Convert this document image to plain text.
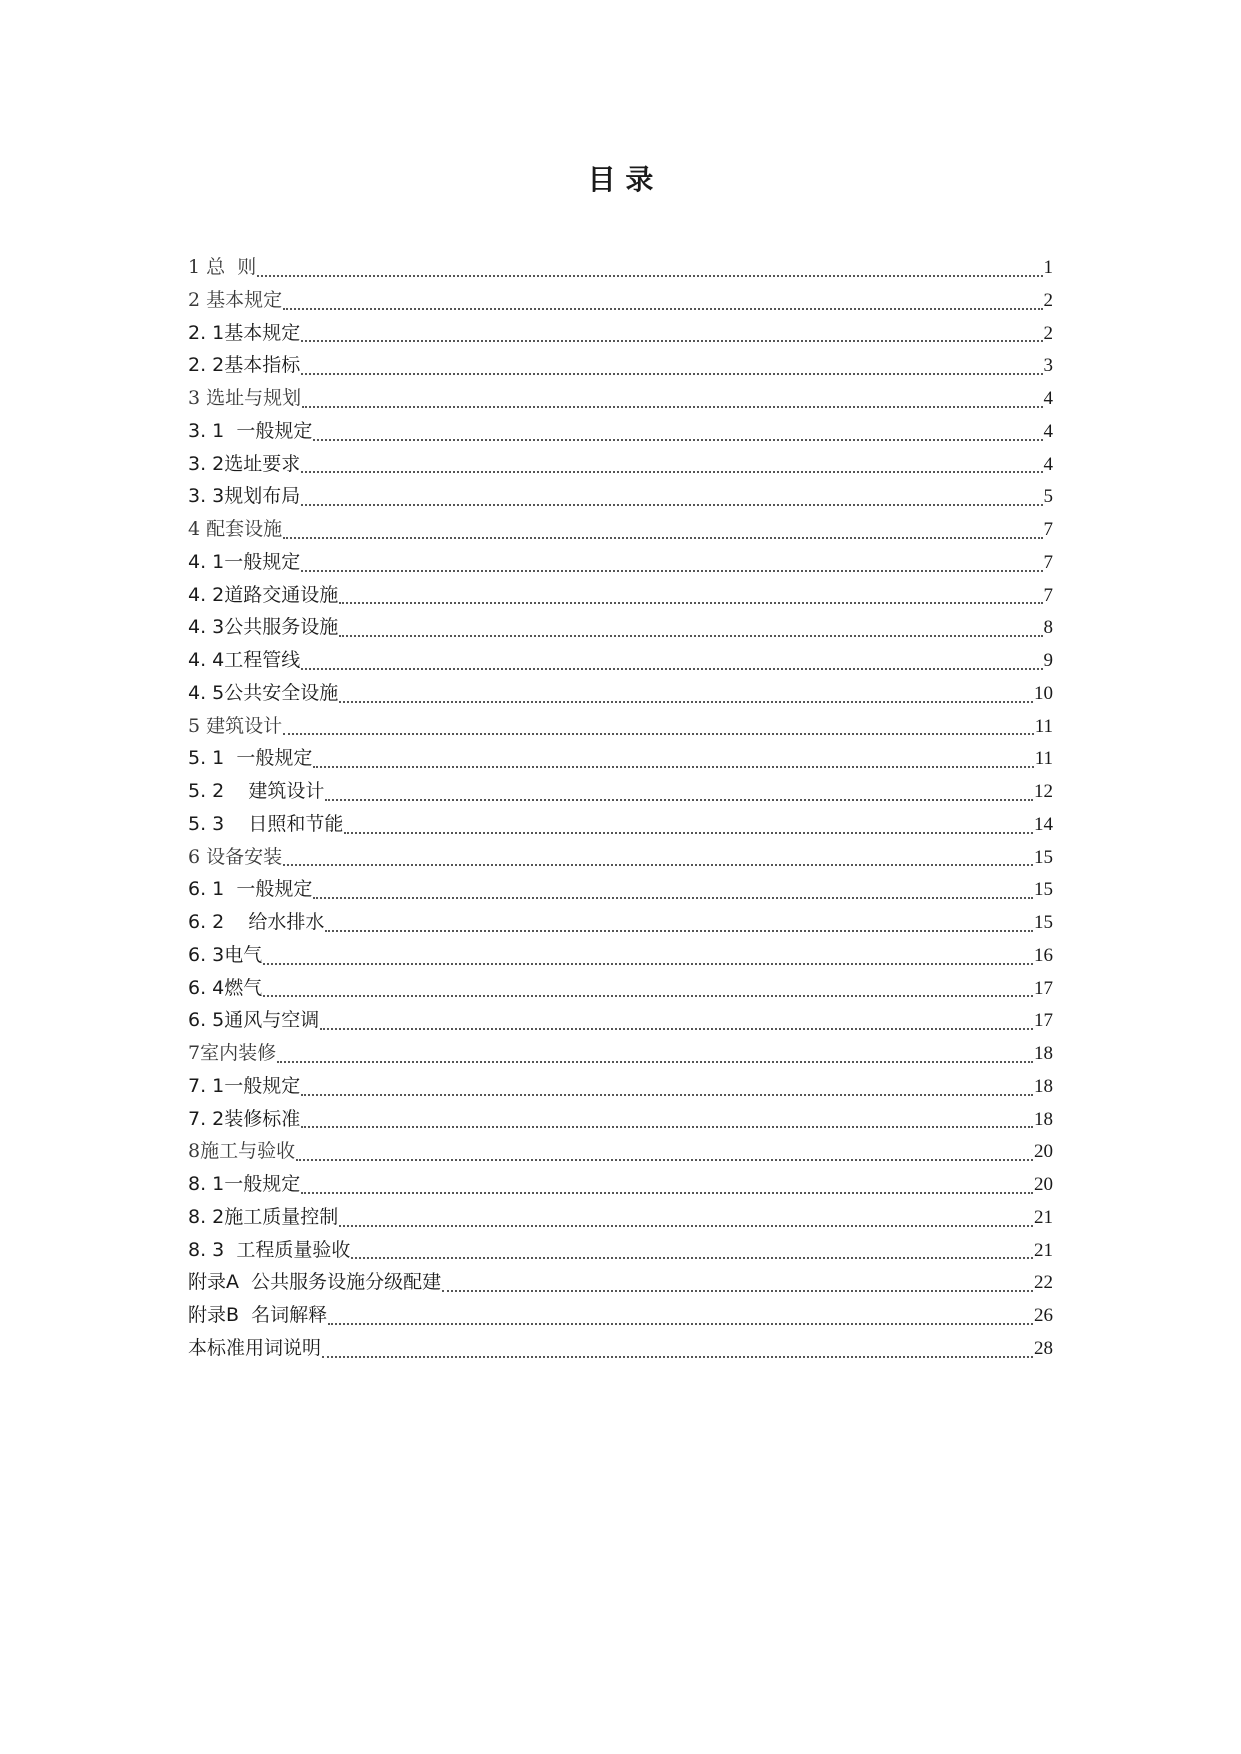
目 录
1 总  则	1
2 基本规定	2
2. 1基本规定	2
2. 2基本指标	3
3 选址与规划	4
3. 1  一般规定	4
3. 2选址要求	4
3. 3规划布局	5
4 配套设施	7
4. 1一般规定	7
4. 2道路交通设施	7
4. 3公共服务设施	8
4. 4工程管线	9
4. 5公共安全设施	10
5 建筑设计	11
5. 1  一般规定	11
5. 2    建筑设计	12
5. 3    日照和节能	14
6 设备安装	15
6. 1  一般规定	15
6. 2    给水排水	15
6. 3电气	16
6. 4燃气	17
6. 5通风与空调	17
7室内装修	18
7. 1一般规定	18
7. 2装修标准	18
8施工与验收	20
8. 1一般规定	20
8. 2施工质量控制	21
8. 3  工程质量验收	21
附录A  公共服务设施分级配建	22
附录B  名词解释	26
本标准用词说明	28
